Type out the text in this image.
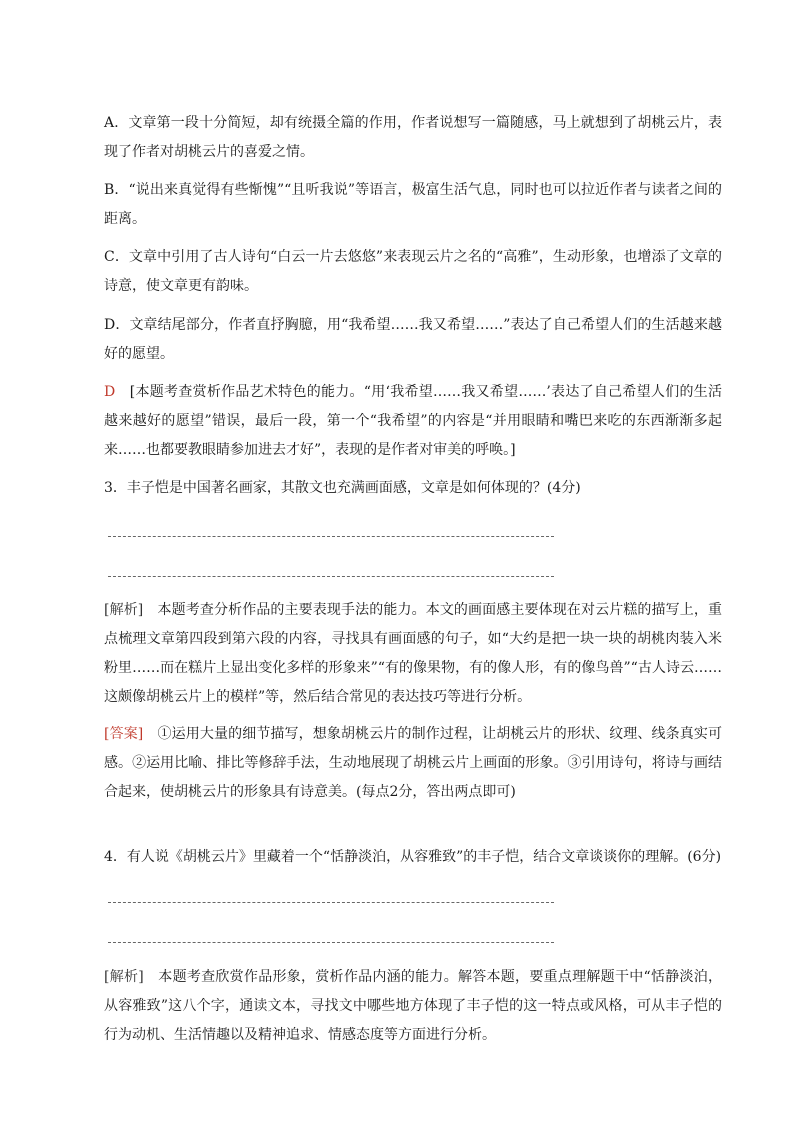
A．文章第一段十分简短，却有统摄全篇的作用，作者说想写一篇随感，马上就想到了胡桃云片，表现了作者对胡桃云片的喜爱之情。

B．“说出来真觉得有些惭愧”“且听我说”等语言，极富生活气息，同时也可以拉近作者与读者之间的距离。

C．文章中引用了古人诗句“白云一片去悠悠”来表现云片之名的“高雅”，生动形象，也增添了文章的诗意，使文章更有韵味。

D．文章结尾部分，作者直抒胸臆，用“我希望……我又希望……”表达了自己希望人们的生活越来越好的愿望。

D　 [本题考查赏析作品艺术特色的能力。“用‘我希望……我又希望……’表达了自己希望人们的生活越来越好的愿望”错误，最后一段，第一个“我希望”的内容是“并用眼睛和嘴巴来吃的东西渐渐多起来……也都要教眼睛参加进去才好”，表现的是作者对审美的呼唤。]

3．丰子恺是中国著名画家，其散文也充满画面感，文章是如何体现的？(4分)

[解析]　 本题考查分析作品的主要表现手法的能力。本文的画面感主要体现在对云片糕的描写上，重点梳理文章第四段到第六段的内容，寻找具有画面感的句子，如“大约是把一块一块的胡桃肉装入米粉里……而在糕片上显出变化多样的形象来”“有的像果物，有的像人形，有的像鸟兽”“古人诗云……这颇像胡桃云片上的模样”等，然后结合常见的表达技巧等进行分析。

[答案]　 ①运用大量的细节描写，想象胡桃云片的制作过程，让胡桃云片的形状、纹理、线条真实可感。②运用比喻、排比等修辞手法，生动地展现了胡桃云片上画面的形象。③引用诗句，将诗与画结合起来，使胡桃云片的形象具有诗意美。(每点2分，答出两点即可)

4．有人说《胡桃云片》里藏着一个“恬静淡泊，从容雅致”的丰子恺，结合文章谈谈你的理解。(6分)

[解析]　 本题考查欣赏作品形象，赏析作品内涵的能力。解答本题，要重点理解题干中“恬静淡泊，从容雅致”这八个字，通读文本，寻找文中哪些地方体现了丰子恺的这一特点或风格，可从丰子恺的行为动机、生活情趣以及精神追求、情感态度等方面进行分析。
